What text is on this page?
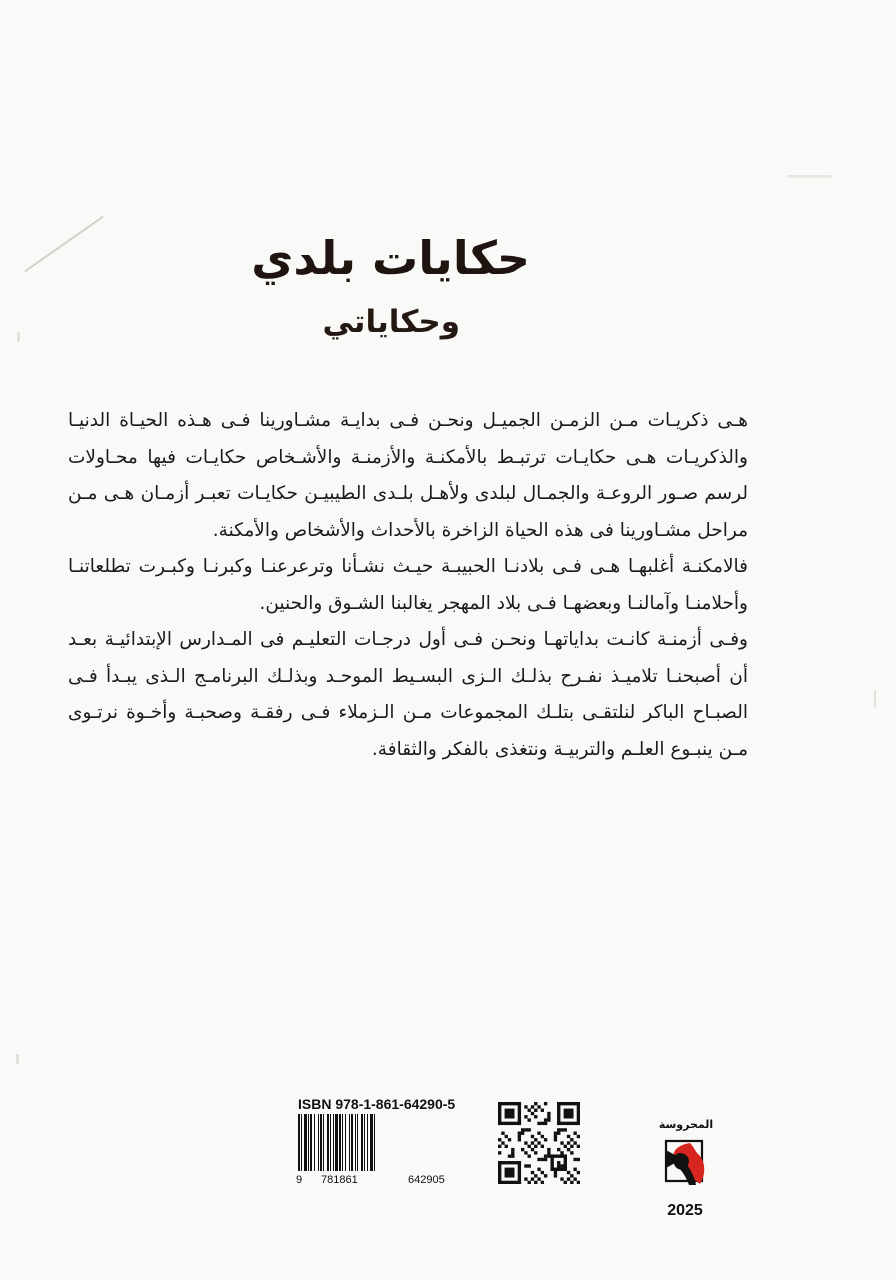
حكايات بلدي
وحكاياتي

هـى ذكريـات مـن الزمـن الجميـل ونحـن فـى بدايـة مشـاورينا فـى هـذه الحيـاة الدنيـا والذكريـات هـى حكايـات ترتبـط بالأمكنـة والأزمنـة والأشـخاص حكايـات فيها محـاولات لرسم صـور الروعـة والجمـال لبلدى ولأهـل بلـدى الطيبيـن حكايـات تعبـر أزمـان هـى مـن مراحل مشـاورينا فى هذه الحياة الزاخرة بالأحداث والأشخاص والأمكنة.

فالامكنـة أغلبهـا هـى فـى بلادنـا الحبيبـة حيـث نشـأنا وترعرعنـا وكبرنـا وكبـرت تطلعاتنـا وأحلامنـا وآمالنـا وبعضهـا فـى بلاد المهجر يغالبنا الشـوق والحنين.

وفـى أزمنـة كانـت بداياتهـا ونحـن فـى أول درجـات التعليـم فى المـدارس الإبتدائيـة بعـد أن أصبحنـا تلاميـذ نفـرح بذلـك الـزى البسـيط الموحـد وبذلـك البرنامـج الـذى يبـدأ فـى الصبـاح الباكر لنلتقـى بتلـك المجموعات مـن الـزملاء فـى رفقـة وصحبـة وأخـوة نرتـوى مـن ينبـوع العلـم والتربيـة ونتغذى بالفكر والثقافة.

ISBN 978-1-861-64290-5
9 781861	642905
المحروسة
2025
